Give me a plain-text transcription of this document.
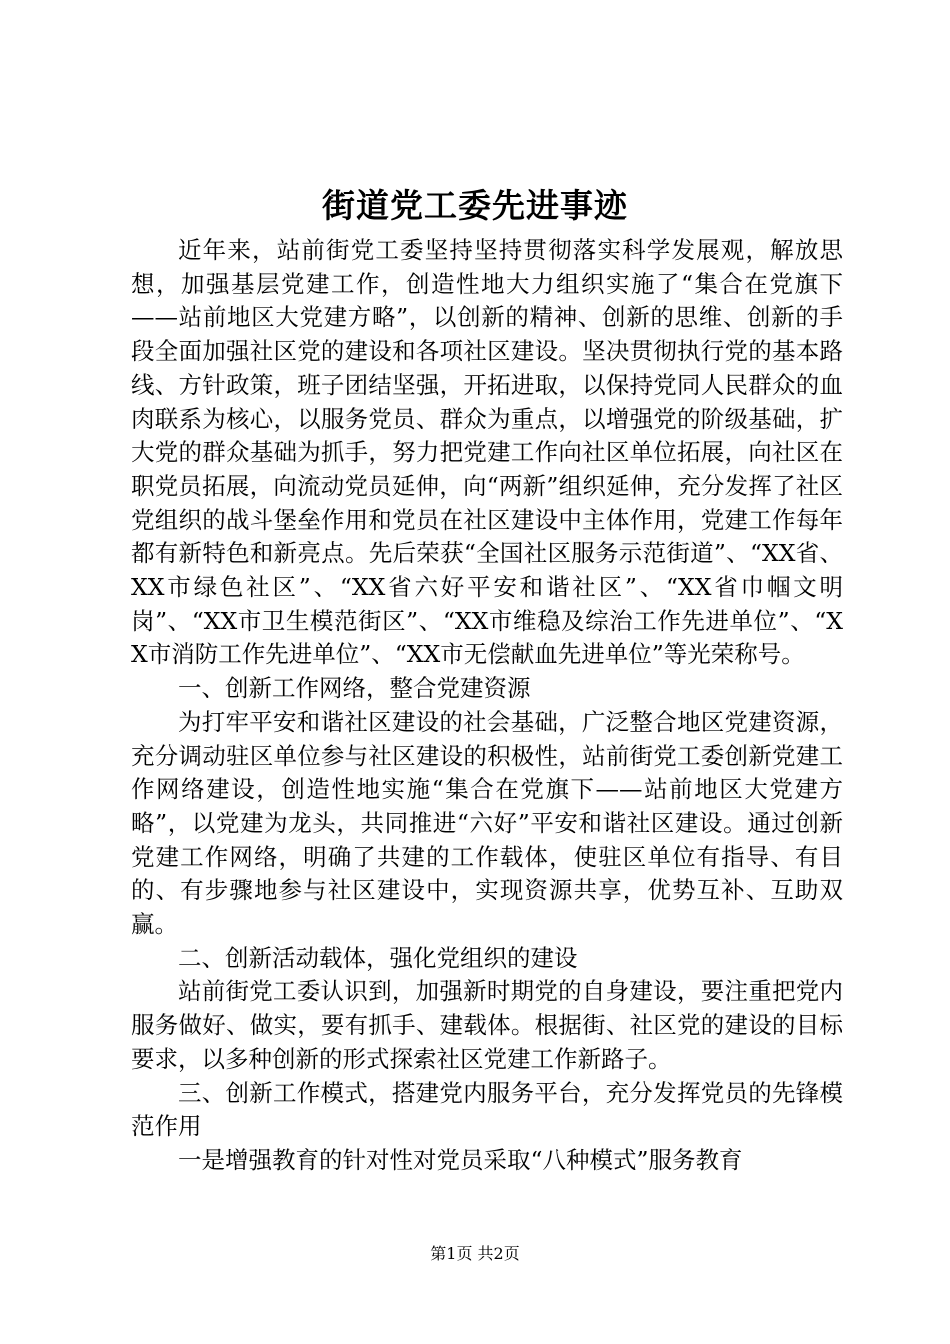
街道党工委先进事迹

近年来，站前街党工委坚持坚持贯彻落实科学发展观，解放思想，加强基层党建工作，创造性地大力组织实施了“集合在党旗下——站前地区大党建方略”，以创新的精神、创新的思维、创新的手段全面加强社区党的建设和各项社区建设。坚决贯彻执行党的基本路线、方针政策，班子团结坚强，开拓进取，以保持党同人民群众的血肉联系为核心，以服务党员、群众为重点，以增强党的阶级基础，扩大党的群众基础为抓手，努力把党建工作向社区单位拓展，向社区在职党员拓展，向流动党员延伸，向“两新”组织延伸，充分发挥了社区党组织的战斗堡垒作用和党员在社区建设中主体作用，党建工作每年都有新特色和新亮点。先后荣获“全国社区服务示范街道”、“XX省、XX市绿色社区”、“XX省六好平安和谐社区”、“XX省巾帼文明岗”、“XX市卫生模范街区”、“XX市维稳及综治工作先进单位”、“XX市消防工作先进单位”、“XX市无偿献血先进单位”等光荣称号。

一、创新工作网络，整合党建资源

为打牢平安和谐社区建设的社会基础，广泛整合地区党建资源，充分调动驻区单位参与社区建设的积极性，站前街党工委创新党建工作网络建设，创造性地实施“集合在党旗下——站前地区大党建方略”，以党建为龙头，共同推进“六好”平安和谐社区建设。通过创新党建工作网络，明确了共建的工作载体，使驻区单位有指导、有目的、有步骤地参与社区建设中，实现资源共享，优势互补、互助双赢。

二、创新活动载体，强化党组织的建设

站前街党工委认识到，加强新时期党的自身建设，要注重把党内服务做好、做实，要有抓手、建载体。根据街、社区党的建设的目标要求，以多种创新的形式探索社区党建工作新路子。

三、创新工作模式，搭建党内服务平台，充分发挥党员的先锋模范作用

一是增强教育的针对性对党员采取“八种模式”服务教育

第1页 共2页
